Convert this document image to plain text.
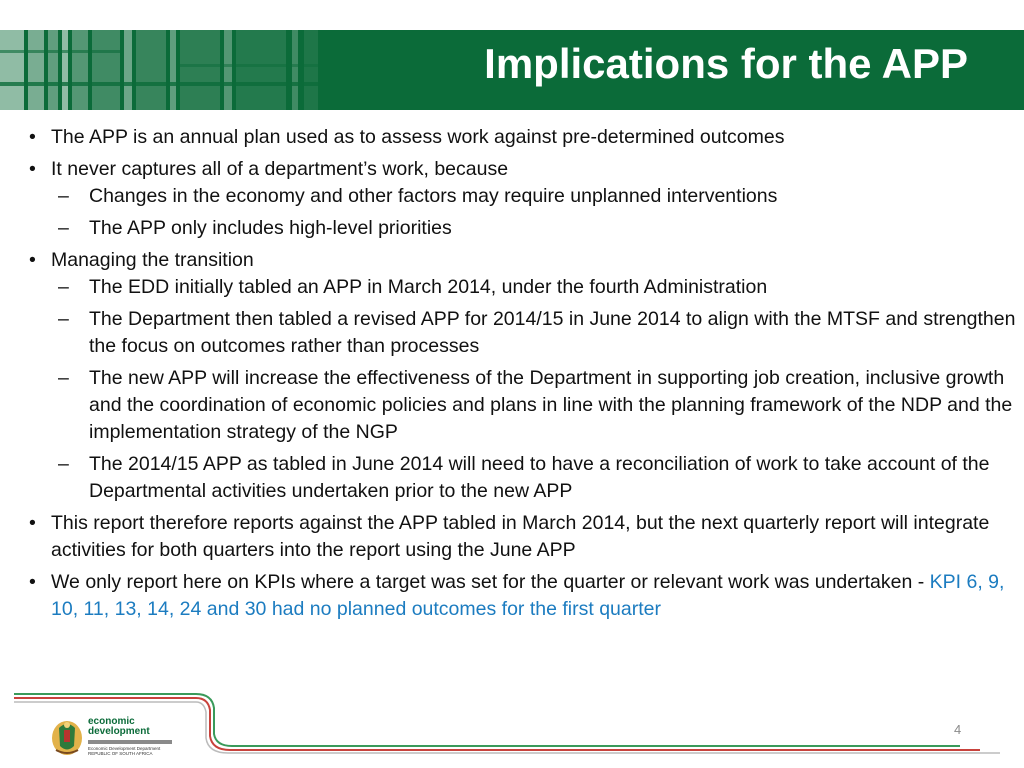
Implications for the APP
• The APP is an annual plan used as to assess work against pre-determined outcomes
• It never captures all of a department’s work, because
– Changes in the economy and other factors may require unplanned interventions
– The APP only includes high-level priorities
• Managing the transition
– The EDD initially tabled an APP in March 2014, under the fourth Administration
– The Department then tabled a revised APP for 2014/15 in June 2014 to align with the MTSF and strengthen the focus on outcomes rather than processes
– The new APP will increase the effectiveness of the Department in supporting job creation, inclusive growth and the coordination of economic policies and plans in line with the planning framework of the NDP and the implementation strategy of the NGP
– The 2014/15 APP as tabled in June 2014 will need to have a reconciliation of work to take account of the Departmental activities undertaken prior to the new APP
• This report therefore reports against the APP tabled in March 2014, but the next quarterly report will integrate activities for both quarters into the report using the June APP
• We only report here on KPIs where a target was set for the quarter or relevant work was undertaken - KPI 6, 9, 10, 11, 13, 14, 24 and 30 had no planned outcomes for the first quarter
economic
development
Economic Development Department
REPUBLIC OF SOUTH AFRICA
4
